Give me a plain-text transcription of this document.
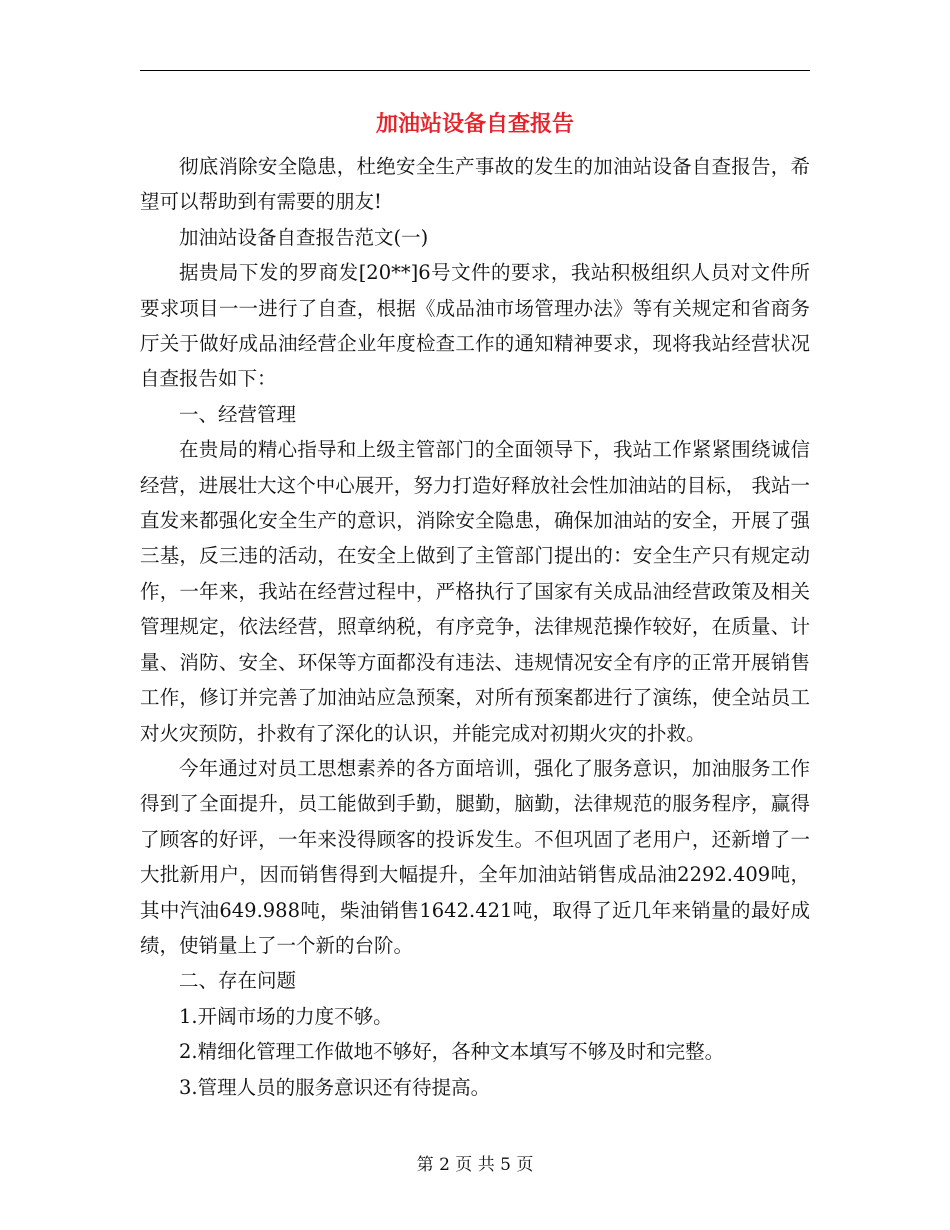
加油站设备自查报告

彻底消除安全隐患，杜绝安全生产事故的发生的加油站设备自查报告，希望可以帮助到有需要的朋友!

加油站设备自查报告范文(一)

据贵局下发的罗商发[20**]6号文件的要求，我站积极组织人员对文件所要求项目一一进行了自查，根据《成品油市场管理办法》等有关规定和省商务厅关于做好成品油经营企业年度检查工作的通知精神要求，现将我站经营状况自查报告如下：

一、经营管理

在贵局的精心指导和上级主管部门的全面领导下，我站工作紧紧围绕诚信经营，进展壮大这个中心展开，努力打造好释放社会性加油站的目标， 我站一直发来都强化安全生产的意识，消除安全隐患，确保加油站的安全，开展了强三基，反三违的活动，在安全上做到了主管部门提出的：安全生产只有规定动作，一年来，我站在经营过程中，严格执行了国家有关成品油经营政策及相关管理规定，依法经营，照章纳税，有序竞争，法律规范操作较好，在质量、计量、消防、安全、环保等方面都没有违法、违规情况安全有序的正常开展销售工作，修订并完善了加油站应急预案，对所有预案都进行了演练，使全站员工对火灾预防，扑救有了深化的认识，并能完成对初期火灾的扑救。

今年通过对员工思想素养的各方面培训，强化了服务意识，加油服务工作得到了全面提升，员工能做到手勤，腿勤，脑勤，法律规范的服务程序，赢得了顾客的好评，一年来没得顾客的投诉发生。不但巩固了老用户，还新增了一大批新用户，因而销售得到大幅提升，全年加油站销售成品油2292.409吨，其中汽油649.988吨，柴油销售1642.421吨，取得了近几年来销量的最好成绩，使销量上了一个新的台阶。

二、存在问题

1.开阔市场的力度不够。

2.精细化管理工作做地不够好，各种文本填写不够及时和完整。

3.管理人员的服务意识还有待提高。

第 2 页 共 5 页
